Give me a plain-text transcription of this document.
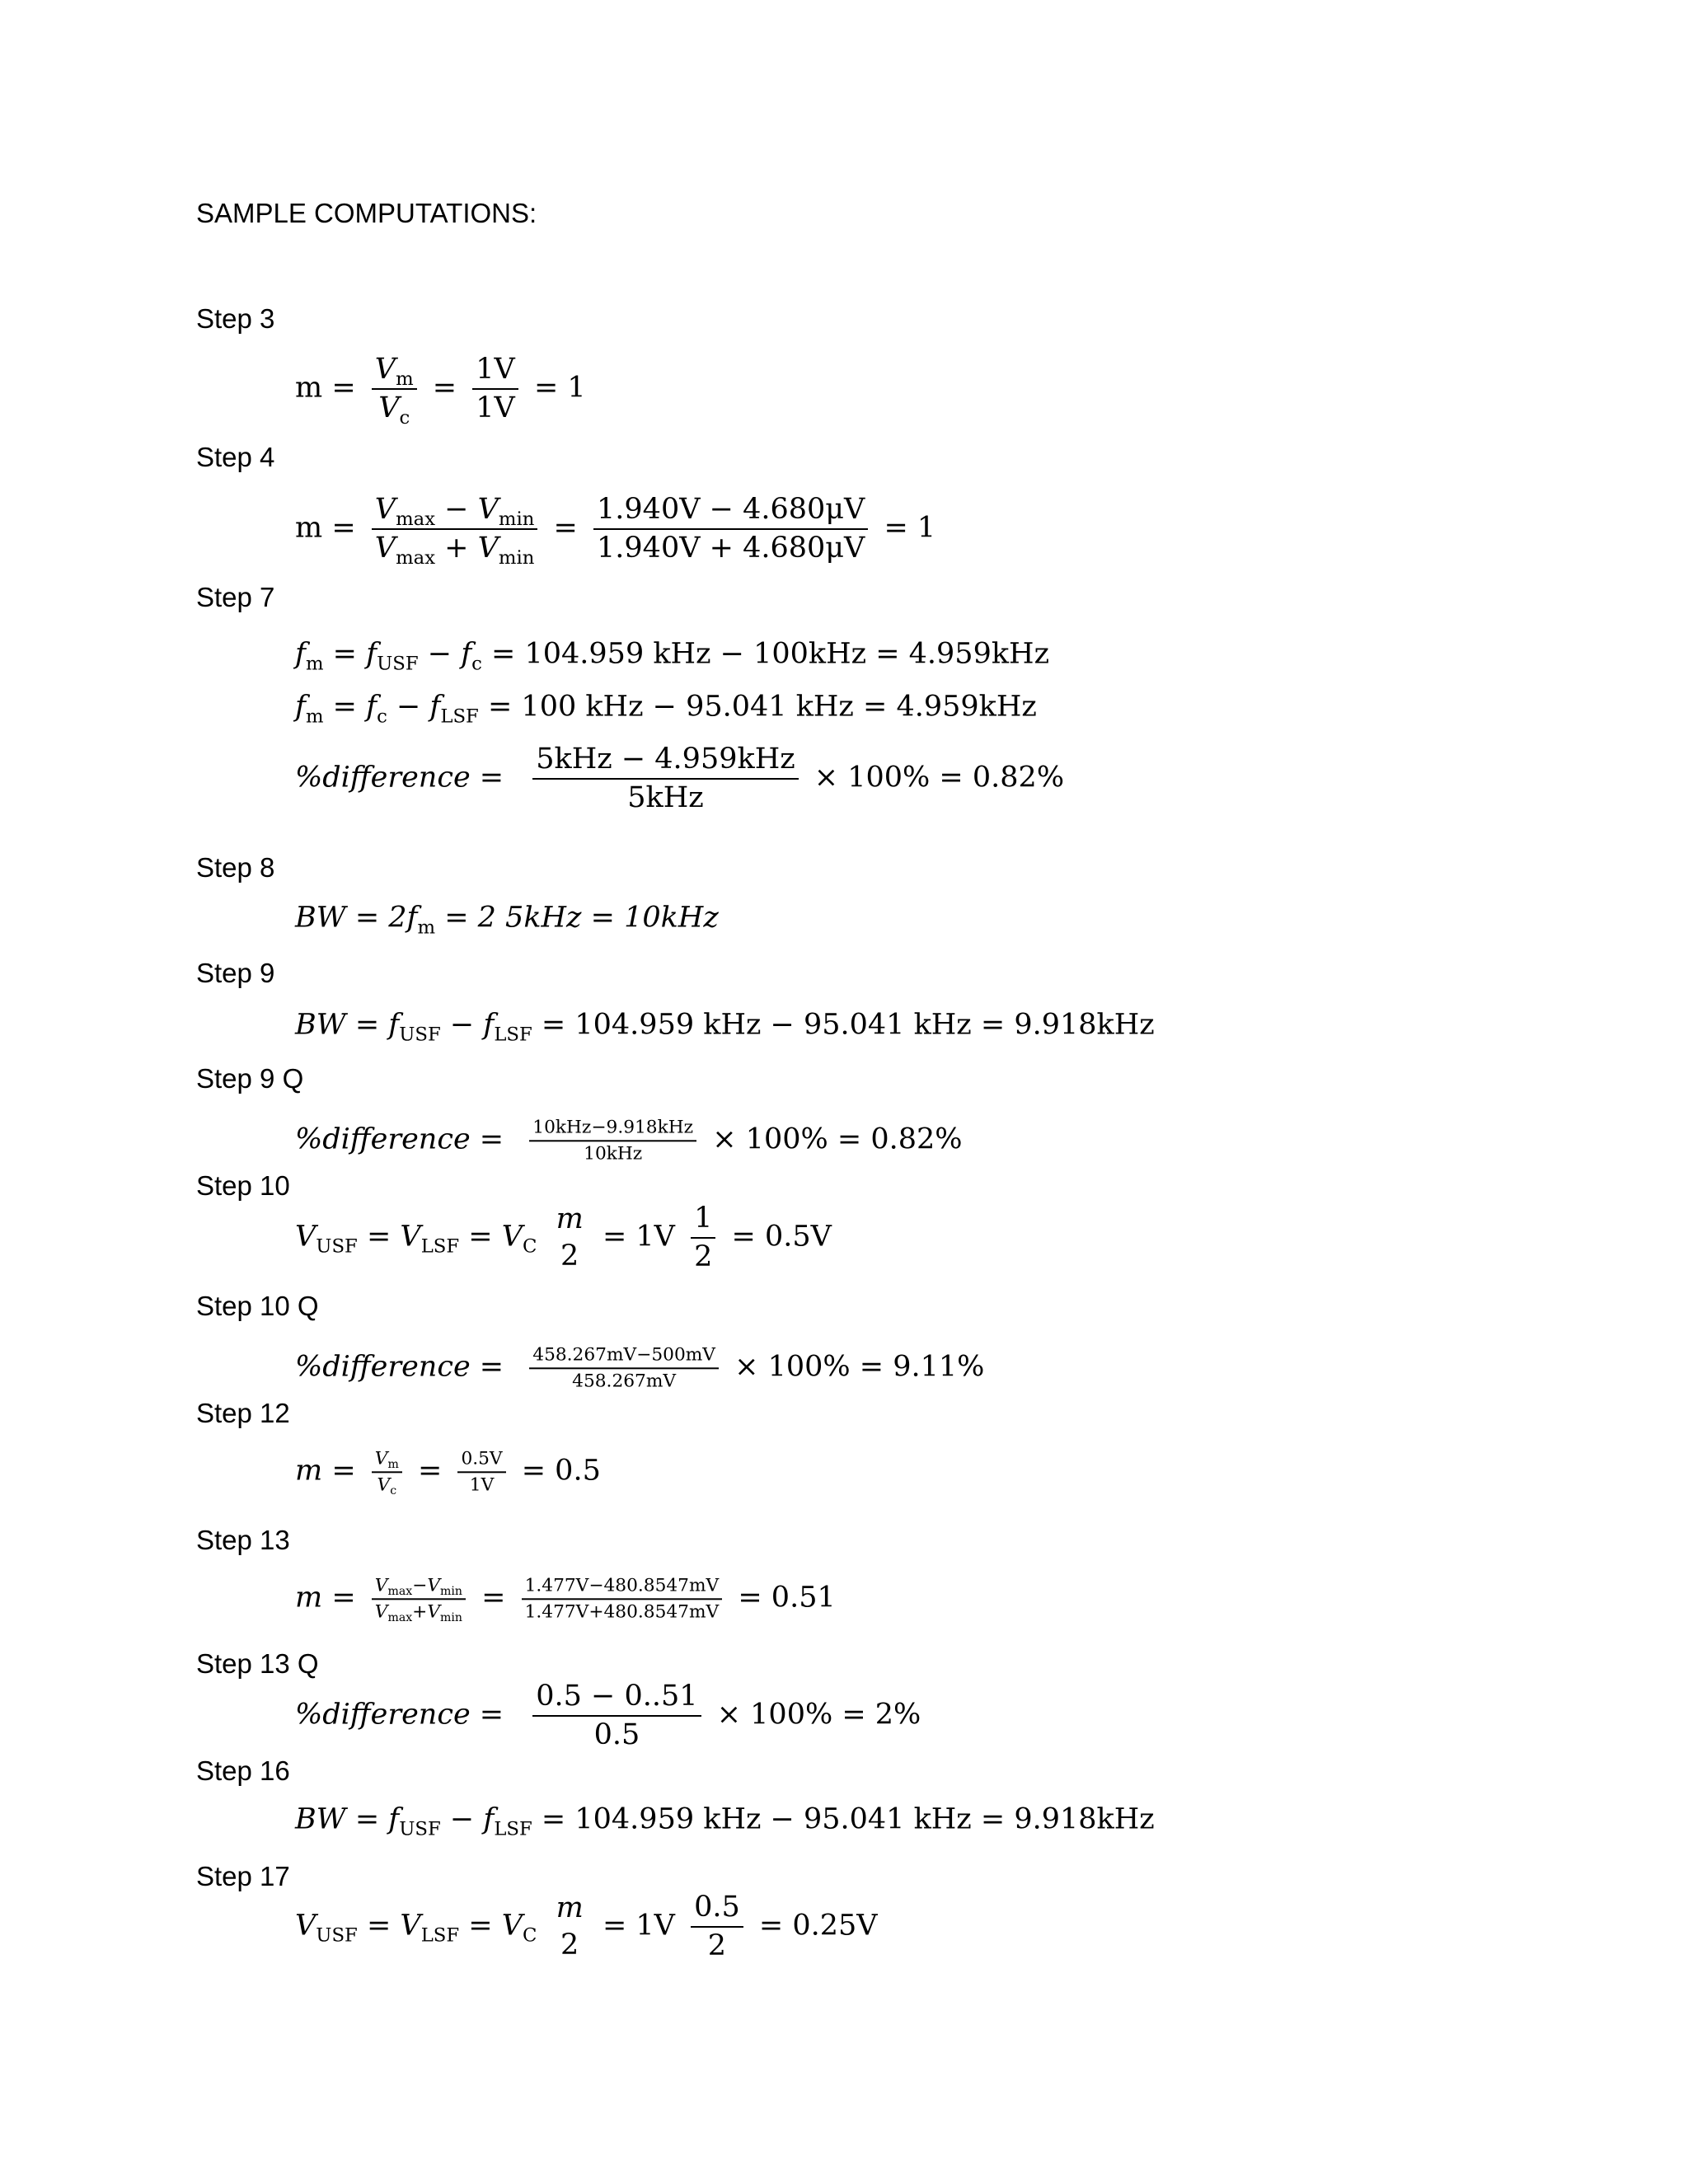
SAMPLE COMPUTATIONS:
Step 3
$m = \frac{V_m}{V_c} = \frac{1V}{1V} = 1$
Step 4
$m = \frac{V_{max} - V_{min}}{V_{max} + V_{min}} = \frac{1.940V - 4.680\mu V}{1.940V + 4.680\mu V} = 1$
Step 7
$f_m = f_{USF} - f_c = 104.959$ kHz − 100kHz = 4.959kHz
$f_m = f_c - f_{LSF} = 100$ kHz − 95.041 kHz = 4.959kHz
%difference = $\frac{\text{5kHz − 4.959kHz}}{\text{5kHz}} \times 100\% = 0.82\%$
Step 8
BW = $2f_m = 2$ 5kHz = 10kHz
Step 9
BW = $f_{USF} - f_{LSF} = 104.959$ kHz − 95.041 kHz = 9.918kHz
Step 9 Q
%difference = $\frac{\text{10kHz−9.918kHz}}{\text{10kHz}} \times 100\% = 0.82\%$
Step 10
$V_{USF} = V_{LSF} = V_C$
m
2
= $1V \frac{1}{2} = 0.5V$
Step 10 Q
%difference = $\frac{458.267mV-500mV}{458.267mV} \times 100\% = 9.11\%$
Step 12
$m = \frac{V_m}{V_c} = \frac{0.5V}{1V} = 0.5$
Step 13
$m = \frac{V_{max}-V_{min}}{V_{max}+V_{min}} = \frac{1.477V-480.8547mV}{1.477V+480.8547mV} = 0.51$
Step 13 Q
%difference = $\frac{0.5 - 0..51}{0.5} \times 100\% = 2\%$
Step 16
BW = $f_{USF} - f_{LSF} = 104.959$ kHz − 95.041 kHz = 9.918kHz
Step 17
$V_{USF} = V_{LSF} = V_C$
m
2
= $1V \frac{0.5}{2} = 0.25V$
